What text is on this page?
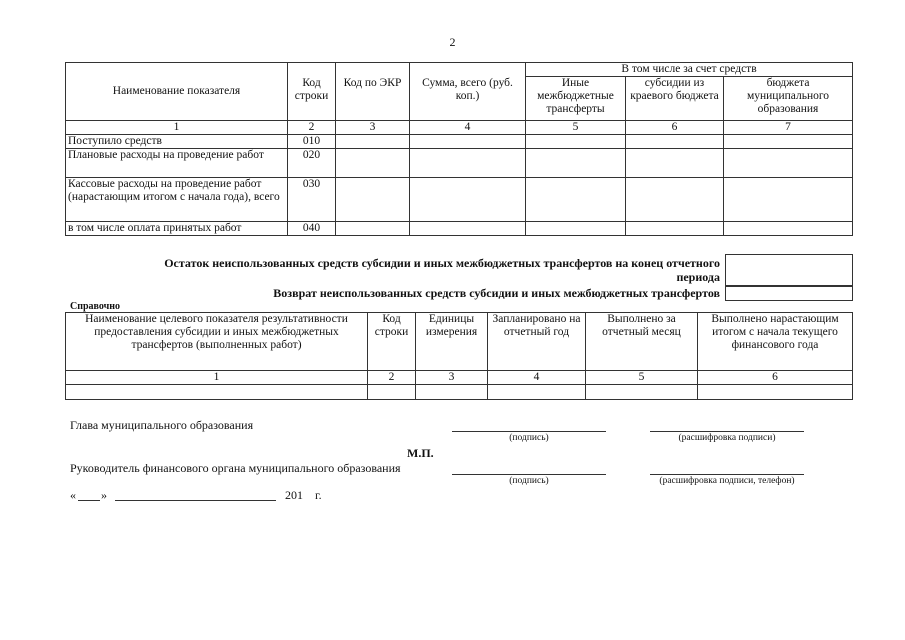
2
Наименование показателя	Код строки	Код по ЭКР	Сумма, всего (руб. коп.)	В том числе за счет средств		
				Иные межбюджетные трансферты	субсидии из краевого бюджета	бюджета муниципального образования
1	2	3	4	5	6	7
Поступило средств	010					
Плановые расходы на проведение работ	020					
Кассовые расходы на проведение работ (нарастающим итогом с начала года), всего	030					
в том числе оплата принятых работ	040					
Остаток неиспользованных средств субсидии и иных межбюджетных трансфертов на конец отчетного
периода
Возврат неиспользованных средств субсидии и иных межбюджетных трансфертов
Справочно
Наименование целевого показателя результативности предоставления субсидии и иных межбюджетных трансфертов (выполненных работ)	Код строки	Единицы измерения	Запланировано на отчетный год	Выполнено за отчетный месяц	Выполнено нарастающим итогом с начала текущего финансового года
1	2	3	4	5	6

Глава муниципального образования
(подпись)	(расшифровка подписи)
М.П.
Руководитель финансового органа муниципального образования
(подпись)	(расшифровка подписи, телефон)
« »	201    г.
